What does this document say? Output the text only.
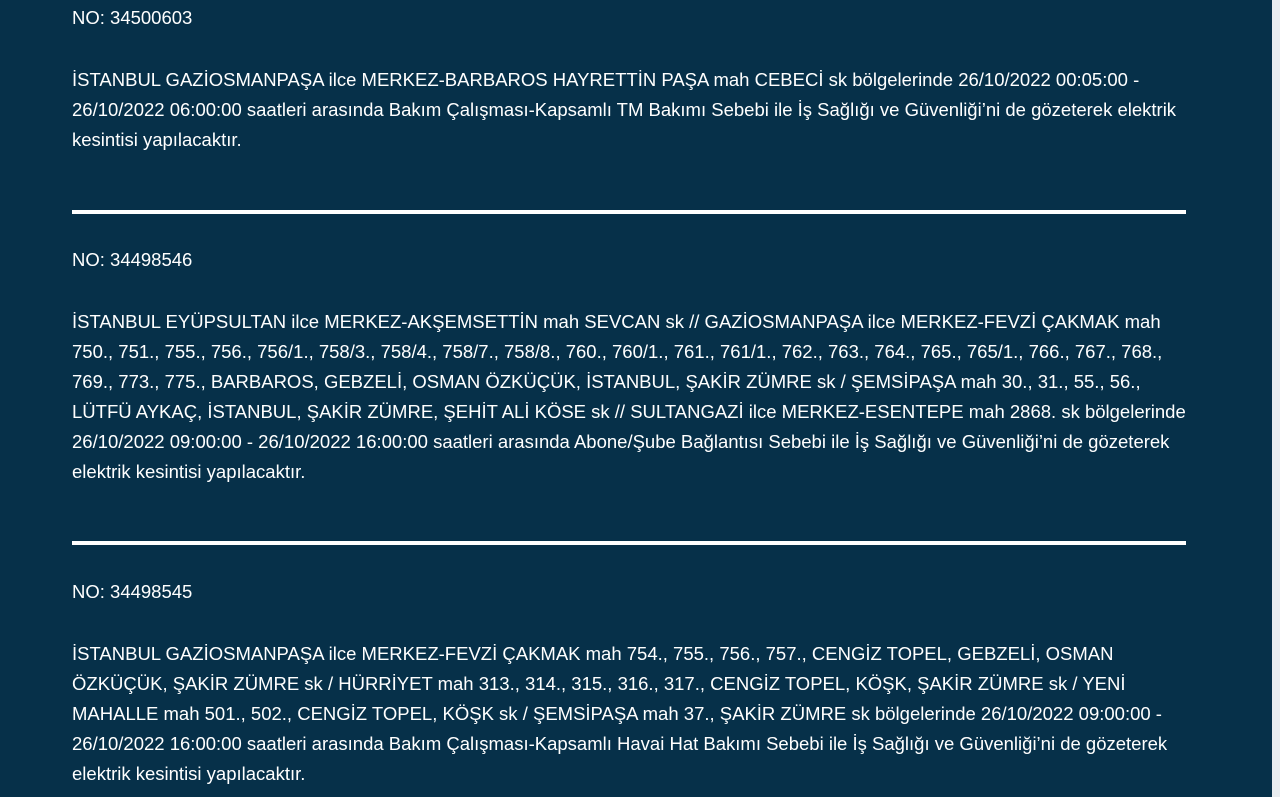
NO: 34500603

İSTANBUL GAZİOSMANPAŞA ilce MERKEZ-BARBAROS HAYRETTİN PAŞA mah CEBECİ sk bölgelerinde 26/10/2022 00:05:00 - 26/10/2022 06:00:00 saatleri arasında Bakım Çalışması-Kapsamlı TM Bakımı Sebebi ile İş Sağlığı ve Güvenliği’ni de gözeterek elektrik kesintisi yapılacaktır.

NO: 34498546

İSTANBUL EYÜPSULTAN ilce MERKEZ-AKŞEMSETTİN mah SEVCAN sk // GAZİOSMANPAŞA ilce MERKEZ-FEVZİ ÇAKMAK mah 750., 751., 755., 756., 756/1., 758/3., 758/4., 758/7., 758/8., 760., 760/1., 761., 761/1., 762., 763., 764., 765., 765/1., 766., 767., 768., 769., 773., 775., BARBAROS, GEBZELİ, OSMAN ÖZKÜÇÜK, İSTANBUL, ŞAKİR ZÜMRE sk / ŞEMSİPAŞA mah 30., 31., 55., 56., LÜTFÜ AYKAÇ, İSTANBUL, ŞAKİR ZÜMRE, ŞEHİT ALİ KÖSE sk // SULTANGAZİ ilce MERKEZ-ESENTEPE mah 2868. sk bölgelerinde 26/10/2022 09:00:00 - 26/10/2022 16:00:00 saatleri arasında Abone/Şube Bağlantısı Sebebi ile İş Sağlığı ve Güvenliği’ni de gözeterek elektrik kesintisi yapılacaktır.

NO: 34498545

İSTANBUL GAZİOSMANPAŞA ilce MERKEZ-FEVZİ ÇAKMAK mah 754., 755., 756., 757., CENGİZ TOPEL, GEBZELİ, OSMAN ÖZKÜÇÜK, ŞAKİR ZÜMRE sk / HÜRRİYET mah 313., 314., 315., 316., 317., CENGİZ TOPEL, KÖŞK, ŞAKİR ZÜMRE sk / YENİ MAHALLE mah 501., 502., CENGİZ TOPEL, KÖŞK sk / ŞEMSİPAŞA mah 37., ŞAKİR ZÜMRE sk bölgelerinde 26/10/2022 09:00:00 - 26/10/2022 16:00:00 saatleri arasında Bakım Çalışması-Kapsamlı Havai Hat Bakımı Sebebi ile İş Sağlığı ve Güvenliği’ni de gözeterek elektrik kesintisi yapılacaktır.
